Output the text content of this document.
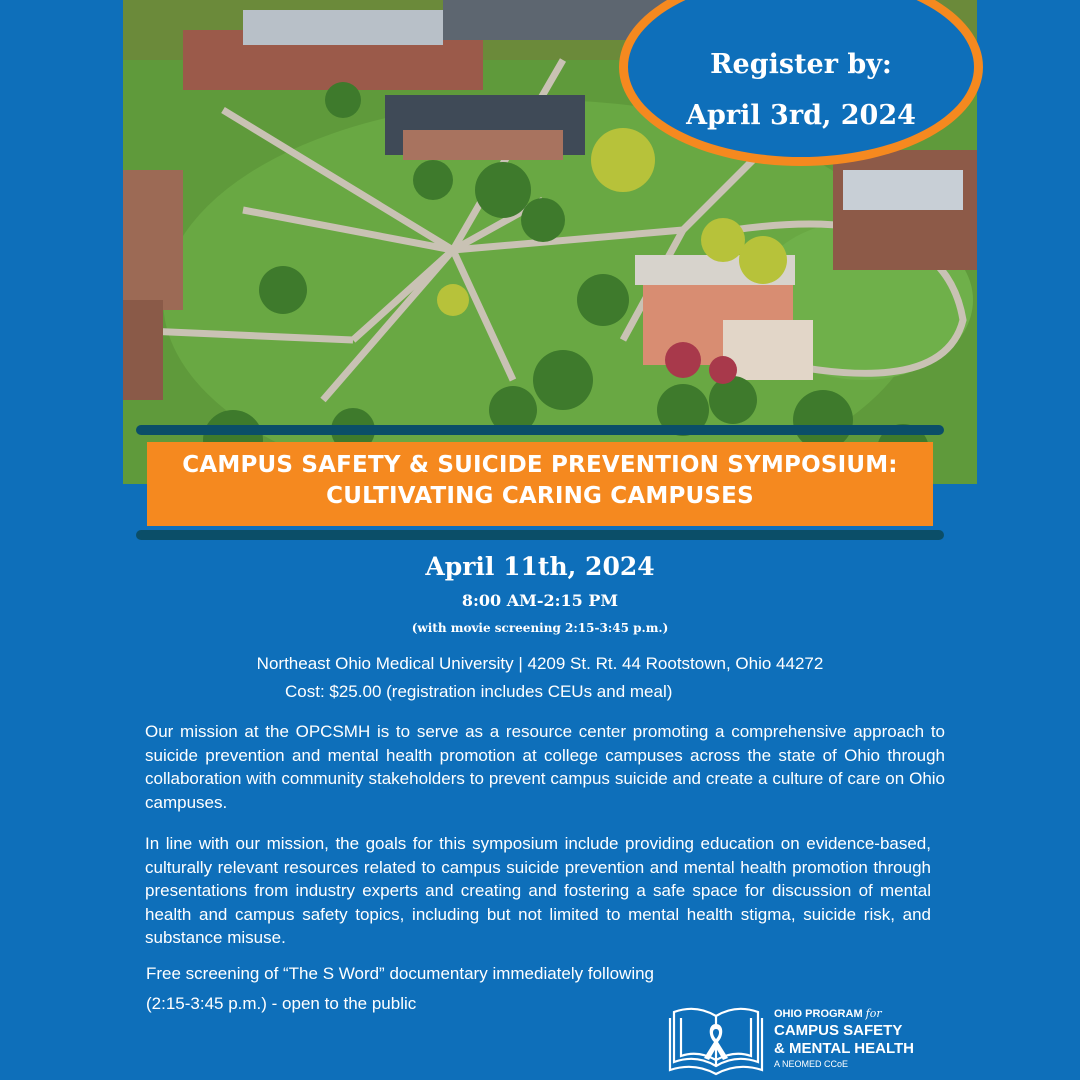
Register by:
April 3rd, 2024
CAMPUS SAFETY & SUICIDE PREVENTION SYMPOSIUM:
CULTIVATING CARING CAMPUSES
April 11th, 2024
8:00 AM-2:15 PM
(with movie screening 2:15-3:45 p.m.)
Northeast Ohio Medical University | 4209 St. Rt. 44 Rootstown, Ohio 44272
Cost: $25.00 (registration includes CEUs and meal)
Our mission at the OPCSMH is to serve as a resource center promoting a comprehensive approach to suicide prevention and mental health promotion at college campuses across the state of Ohio through collaboration with community stakeholders to prevent campus suicide and create a culture of care on Ohio campuses.
In line with our mission, the goals for this symposium include providing education on evidence-based, culturally relevant resources related to campus suicide prevention and mental health promotion through presentations from industry experts and creating and fostering a safe space for discussion of mental health and campus safety topics, including but not limited to mental health stigma, suicide risk, and substance misuse.
Free screening of “The S Word” documentary immediately following
(2:15-3:45 p.m.) - open to the public
OHIO PROGRAM for
CAMPUS SAFETY
& MENTAL HEALTH
A NEOMED CCoE
